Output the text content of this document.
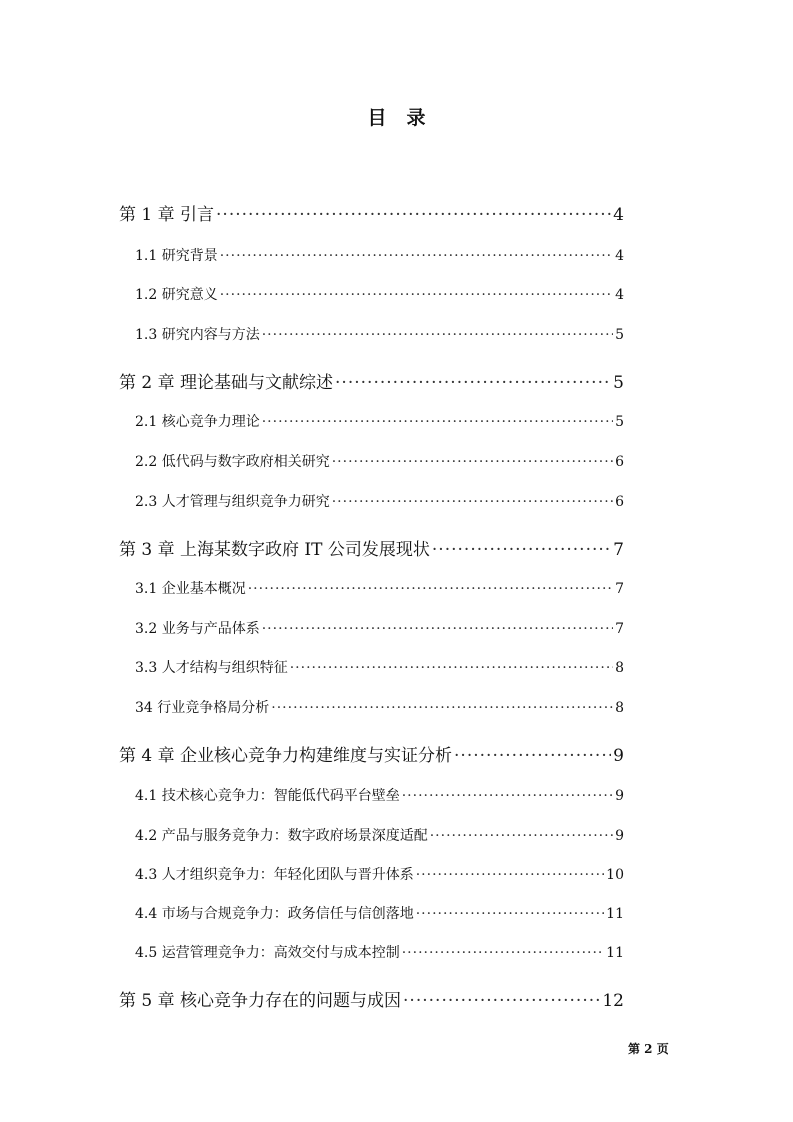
目录
第 1 章 引言 ·····	4
1.1 研究背景 ·····	4
1.2 研究意义 ·····	4
1.3 研究内容与方法 ·····	5
第 2 章 理论基础与文献综述 ·····	5
2.1 核心竞争力理论 ·····	5
2.2 低代码与数字政府相关研究 ·····	6
2.3 人才管理与组织竞争力研究 ·····	6
第 3 章 上海某数字政府 IT 公司发展现状 ·····	7
3.1 企业基本概况 ·····	7
3.2 业务与产品体系 ·····	7
3.3 人才结构与组织特征 ·····	8
34 行业竞争格局分析 ·····	8
第 4 章 企业核心竞争力构建维度与实证分析 ·····	9
4.1 技术核心竞争力：智能低代码平台壁垒 ·····	9
4.2 产品与服务竞争力：数字政府场景深度适配 ·····	9
4.3 人才组织竞争力：年轻化团队与晋升体系 ·····	10
4.4 市场与合规竞争力：政务信任与信创落地 ·····	11
4.5 运营管理竞争力：高效交付与成本控制 ·····	11
第 5 章 核心竞争力存在的问题与成因 ·····	12
第 2 页
